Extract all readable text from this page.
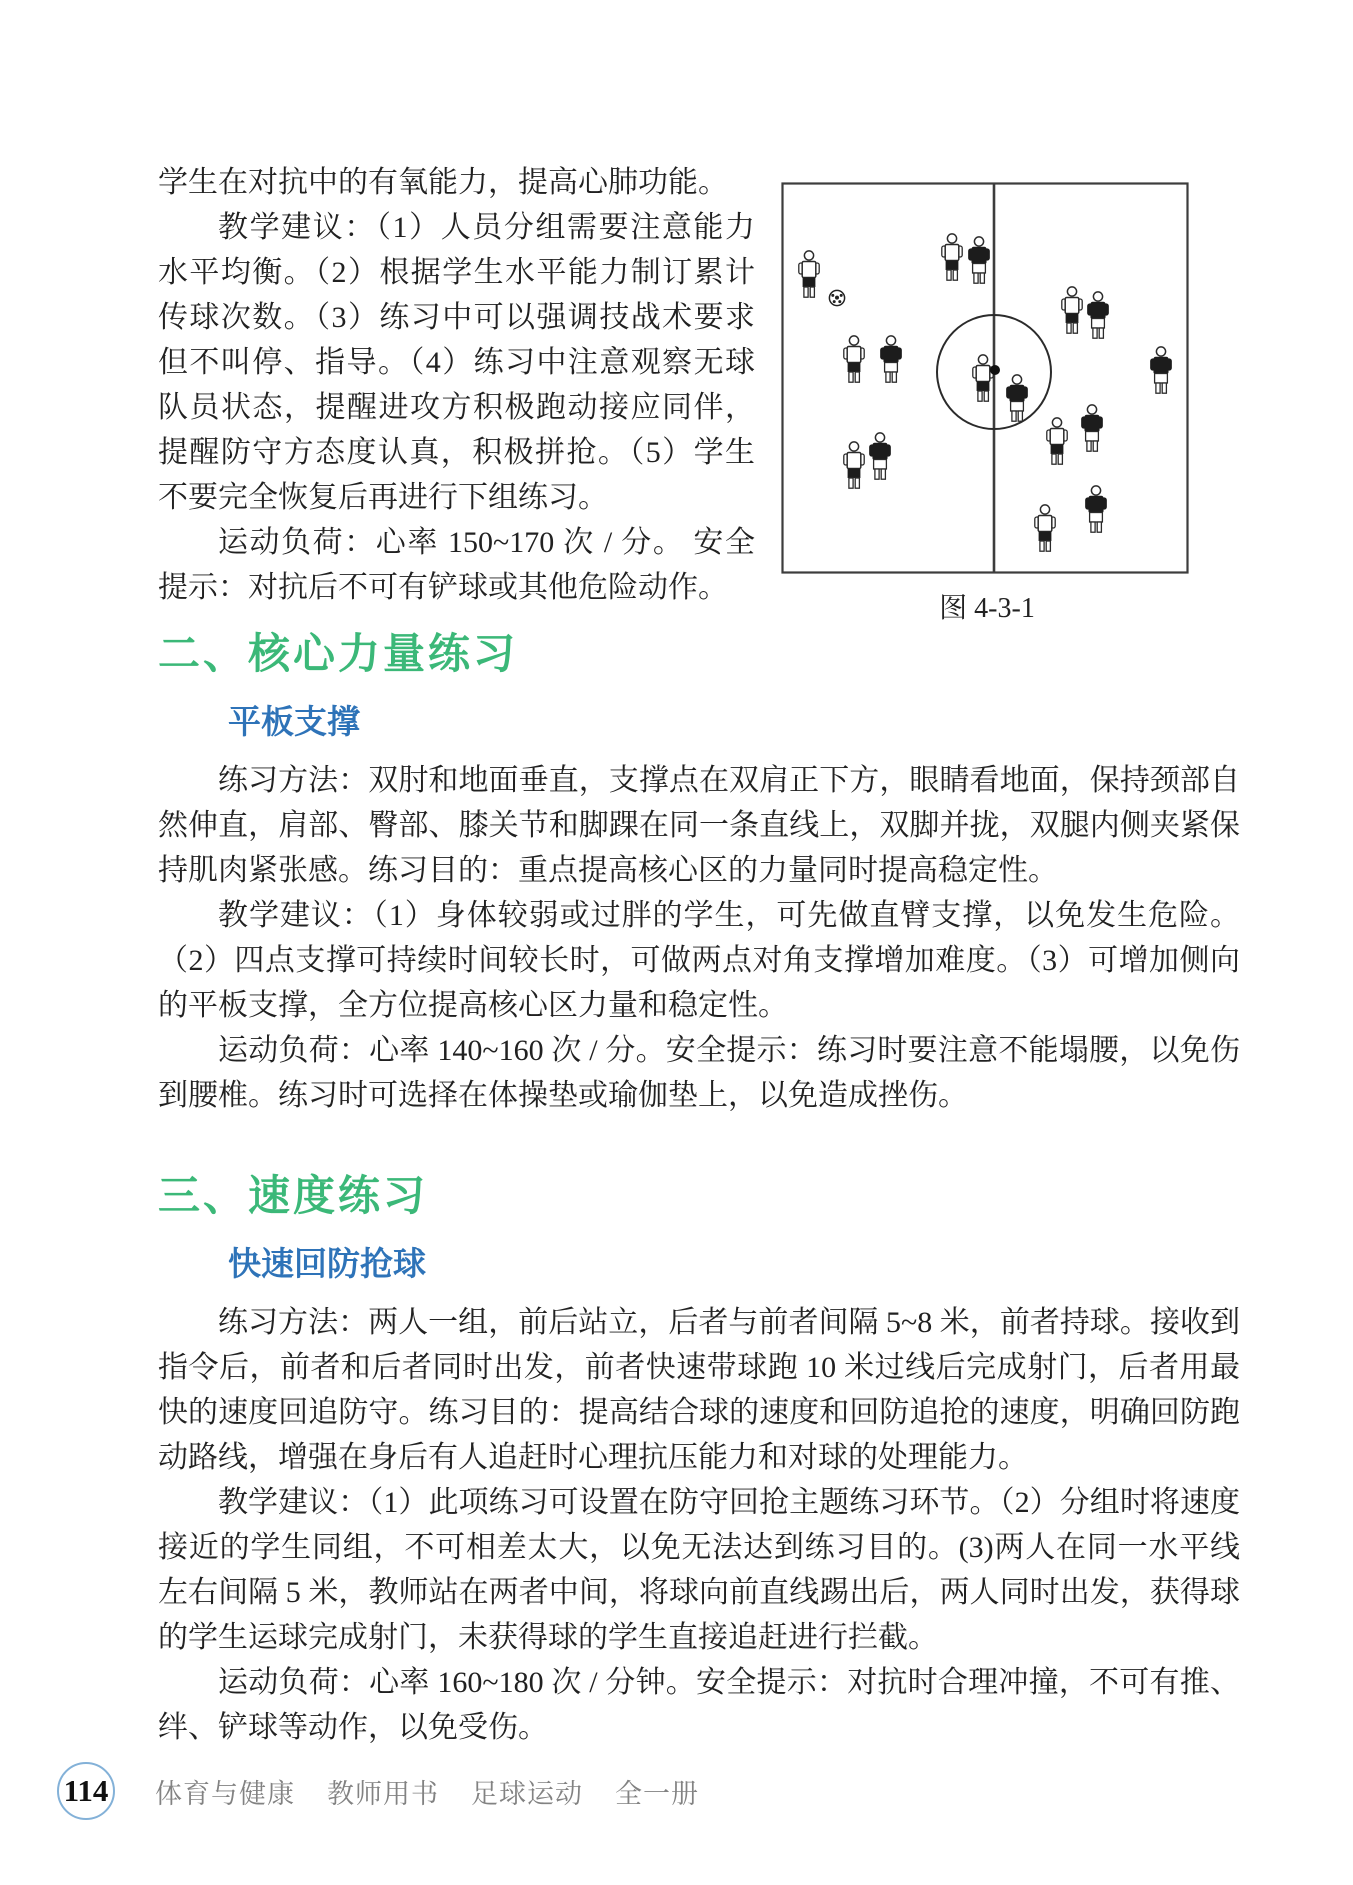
图 4-3-1

学生在对抗中的有氧能力，提高心肺功能。

教学建议：（1）人员分组需要注意能力水平均衡。（2）根据学生水平能力制订累计传球次数。（3）练习中可以强调技战术要求但不叫停、指导。（4）练习中注意观察无球队员状态，提醒进攻方积极跑动接应同伴，提醒防守方态度认真，积极拼抢。（5）学生不要完全恢复后再进行下组练习。

运动负荷：心率 150~170 次 / 分。 安全提示：对抗后不可有铲球或其他危险动作。

二、核心力量练习
平板支撑

练习方法：双肘和地面垂直，支撑点在双肩正下方，眼睛看地面，保持颈部自然伸直，肩部、臀部、膝关节和脚踝在同一条直线上，双脚并拢，双腿内侧夹紧保持肌肉紧张感。练习目的：重点提高核心区的力量同时提高稳定性。

教学建议：（1）身体较弱或过胖的学生，可先做直臂支撑，以免发生危险。（2）四点支撑可持续时间较长时，可做两点对角支撑增加难度。（3）可增加侧向的平板支撑，全方位提高核心区力量和稳定性。

运动负荷：心率 140~160 次 / 分。安全提示：练习时要注意不能塌腰，以免伤到腰椎。练习时可选择在体操垫或瑜伽垫上，以免造成挫伤。

三、速度练习
快速回防抢球

练习方法：两人一组，前后站立，后者与前者间隔 5~8 米，前者持球。接收到指令后，前者和后者同时出发，前者快速带球跑 10 米过线后完成射门，后者用最快的速度回追防守。练习目的：提高结合球的速度和回防追抢的速度，明确回防跑动路线，增强在身后有人追赶时心理抗压能力和对球的处理能力。

教学建议：（1）此项练习可设置在防守回抢主题练习环节。（2）分组时将速度接近的学生同组，不可相差太大，以免无法达到练习目的。(3)两人在同一水平线左右间隔 5 米，教师站在两者中间，将球向前直线踢出后，两人同时出发，获得球的学生运球完成射门，未获得球的学生直接追赶进行拦截。

运动负荷：心率 160~180 次 / 分钟。安全提示：对抗时合理冲撞，不可有推、绊、铲球等动作，以免受伤。

114 体育与健康 教师用书 足球运动 全一册
